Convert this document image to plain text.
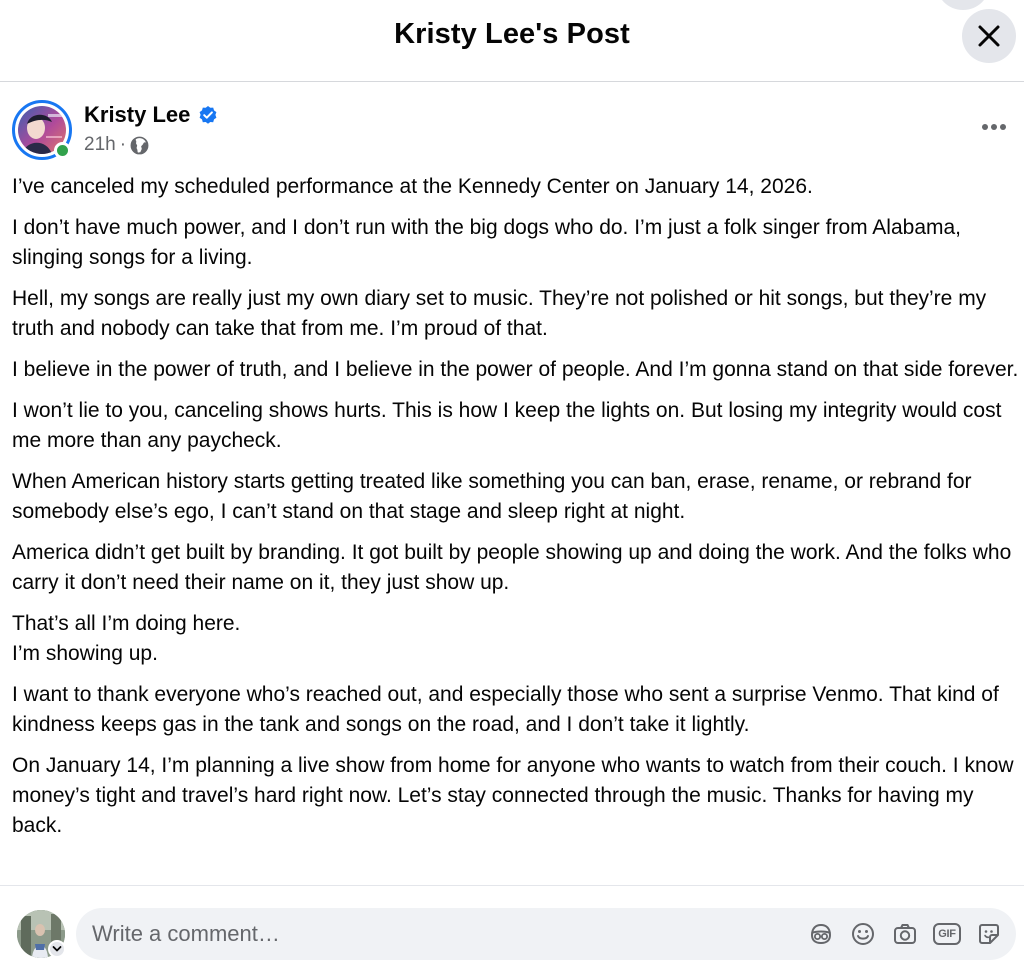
Kristy Lee's Post
Kristy Lee
21h ·

I’ve canceled my scheduled performance at the Kennedy Center on January 14, 2026.

I don’t have much power, and I don’t run with the big dogs who do. I’m just a folk singer from Alabama, slinging songs for a living.

Hell, my songs are really just my own diary set to music. They’re not polished or hit songs, but they’re my truth and nobody can take that from me. I’m proud of that.

I believe in the power of truth, and I believe in the power of people. And I’m gonna stand on that side forever.

I won’t lie to you, canceling shows hurts. This is how I keep the lights on. But losing my integrity would cost me more than any paycheck.

When American history starts getting treated like something you can ban, erase, rename, or rebrand for somebody else’s ego, I can’t stand on that stage and sleep right at night.

America didn’t get built by branding. It got built by people showing up and doing the work. And the folks who carry it don’t need their name on it, they just show up.

That’s all I’m doing here.

I’m showing up.

I want to thank everyone who’s reached out, and especially those who sent a surprise Venmo. That kind of kindness keeps gas in the tank and songs on the road, and I don’t take it lightly.

On January 14, I’m planning a live show from home for anyone who wants to watch from their couch. I know money’s tight and travel’s hard right now. Let’s stay connected through the music. Thanks for having my back.

Write a comment…
GIF
